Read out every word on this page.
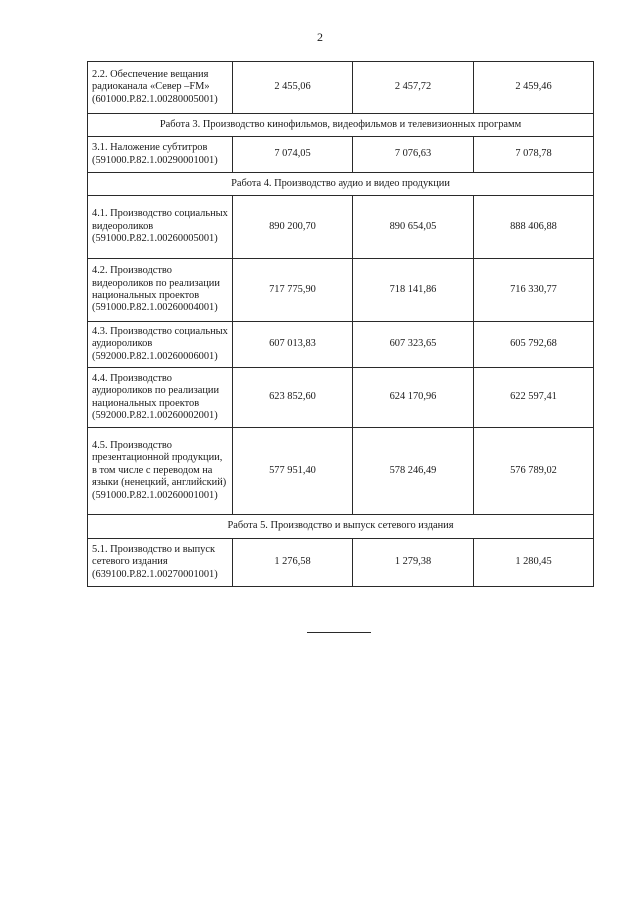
2
2.2. Обеспечение вещания радиоканала «Север –FM» (601000.Р.82.1.00280005001)	2 455,06	2 457,72	2 459,46
Работа 3. Производство кинофильмов, видеофильмов и телевизионных программ			
3.1. Наложение субтитров (591000.Р.82.1.00290001001)	7 074,05	7 076,63	7 078,78
Работа 4. Производство аудио и видео продукции			
4.1. Производство социальных видеороликов (591000.Р.82.1.00260005001)	890 200,70	890 654,05	888 406,88
4.2. Производство видеороликов по реализации национальных проектов (591000.Р.82.1.00260004001)	717 775,90	718 141,86	716 330,77
4.3. Производство социальных аудиороликов (592000.Р.82.1.00260006001)	607 013,83	607 323,65	605 792,68
4.4. Производство аудиороликов по реализации национальных проектов (592000.Р.82.1.00260002001)	623 852,60	624 170,96	622 597,41
4.5. Производство презентационной продукции, в том числе с переводом на языки (ненецкий, английский) (591000.Р.82.1.00260001001)	577 951,40	578 246,49	576 789,02
Работа 5. Производство и выпуск сетевого издания			
5.1. Производство и выпуск сетевого издания (639100.Р.82.1.00270001001)	1 276,58	1 279,38	1 280,45
